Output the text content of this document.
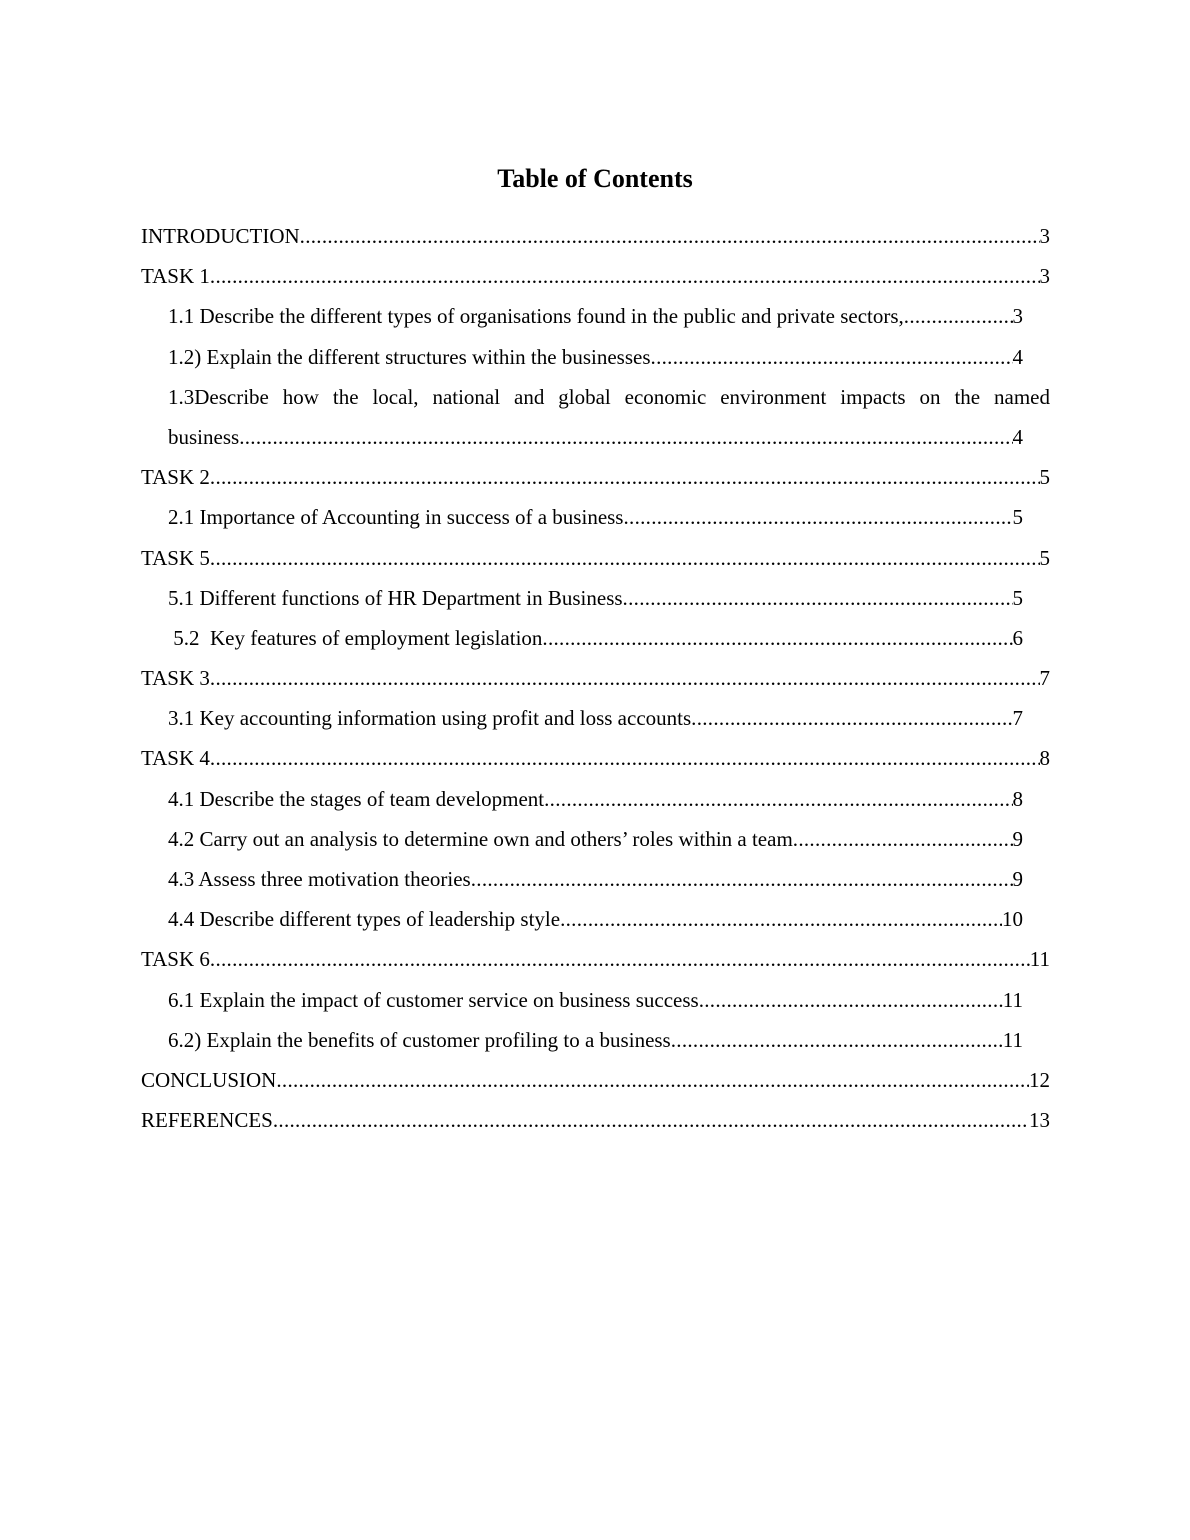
Table of Contents
INTRODUCTION .....	3
TASK 1 .....	3
1.1 Describe the different types of organisations found in the public and private sectors, .....	3
1.2) Explain the different structures within the businesses .....	4
1.3Describe how the local, national and global economic environment impacts on the named
business .....	4
TASK 2 .....	5
2.1 Importance of Accounting in success of a business .....	5
TASK 5 .....	5
5.1 Different functions of HR Department in Business .....	5
5.2  Key features of employment legislation .....	6
TASK 3 .....	7
3.1 Key accounting information using profit and loss accounts .....	7
TASK 4 .....	8
4.1 Describe the stages of team development .....	8
4.2 Carry out an analysis to determine own and others’ roles within a team .....	9
4.3 Assess three motivation theories .....	9
4.4 Describe different types of leadership style .....	10
TASK 6 .....	11
6.1 Explain the impact of customer service on business success .....	11
6.2) Explain the benefits of customer profiling to a business .....	11
CONCLUSION .....	12
REFERENCES .....	13
